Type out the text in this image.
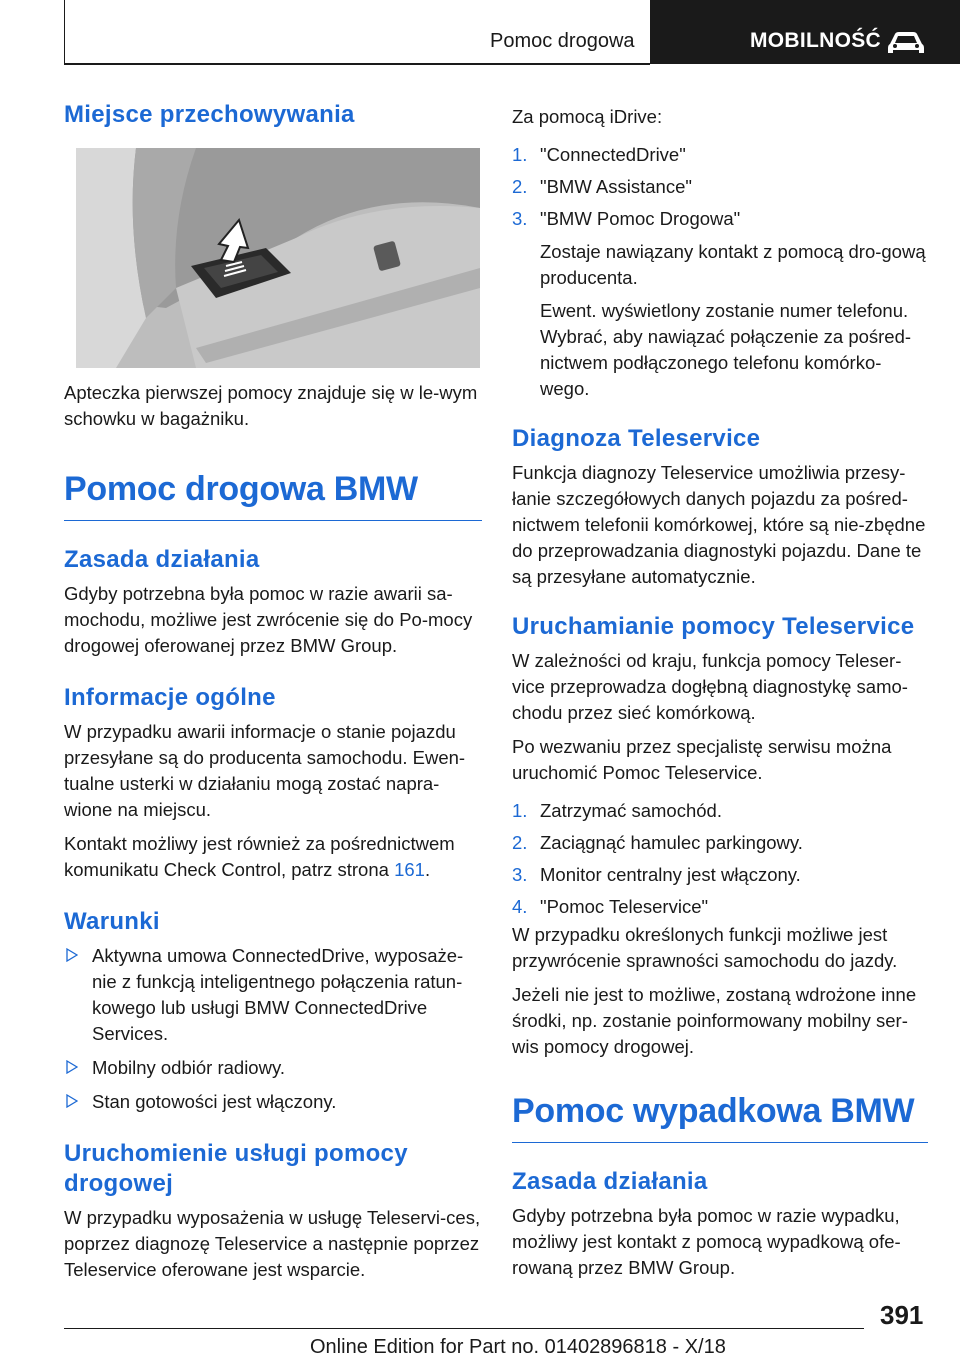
Pomoc drogowa	MOBILNOŚĆ
Miejsce przechowywania

Apteczka pierwszej pomocy znajduje się w le-wym schowku w bagażniku.

Pomoc drogowa BMW
Zasada działania

Gdyby potrzebna była pomoc w razie awarii sa-mochodu, możliwe jest zwrócenie się do Po-mocy drogowej oferowanej przez BMW Group.

Informacje ogólne

W przypadku awarii informacje o stanie pojazdu przesyłane są do producenta samochodu. Ewen-tualne usterki w działaniu mogą zostać napra-wione na miejscu.

Kontakt możliwy jest również za pośrednictwem komunikatu Check Control, patrz strona 161.

Warunki
Aktywna umowa ConnectedDrive, wyposaże-nie z funkcją inteligentnego połączenia ratun-kowego lub usługi BMW ConnectedDrive Services.
Mobilny odbiór radiowy.
Stan gotowości jest włączony.
Uruchomienie usługi pomocy drogowej

W przypadku wyposażenia w usługę Teleservi-ces, poprzez diagnozę Teleservice a następnie poprzez Teleservice oferowane jest wsparcie.

Za pomocą iDrive:

1. "ConnectedDrive"
2. "BMW Assistance"
3. "BMW Pomoc Drogowa"

Zostaje nawiązany kontakt z pomocą dro-gową producenta.

Ewent. wyświetlony zostanie numer telefonu. Wybrać, aby nawiązać połączenie za pośred-nictwem podłączonego telefonu komórko-wego.

Diagnoza Teleservice

Funkcja diagnozy Teleservice umożliwia przesy-łanie szczegółowych danych pojazdu za pośred-nictwem telefonii komórkowej, które są nie-zbędne do przeprowadzania diagnostyki pojazdu. Dane te są przesyłane automatycznie.

Uruchamianie pomocy Teleservice

W zależności od kraju, funkcja pomocy Teleser-vice przeprowadza dogłębną diagnostykę samo-chodu przez sieć komórkową.

Po wezwaniu przez specjalistę serwisu można uruchomić Pomoc Teleservice.

1. Zatrzymać samochód.
2. Zaciągnąć hamulec parkingowy.
3. Monitor centralny jest włączony.
4. "Pomoc Teleservice"

W przypadku określonych funkcji możliwe jest przywrócenie sprawności samochodu do jazdy.

Jeżeli nie jest to możliwe, zostaną wdrożone inne środki, np. zostanie poinformowany mobilny ser-wis pomocy drogowej.

Pomoc wypadkowa BMW
Zasada działania

Gdyby potrzebna była pomoc w razie wypadku, możliwy jest kontakt z pomocą wypadkową ofe-rowaną przez BMW Group.

391
Online Edition for Part no. 01402896818 - X/18
